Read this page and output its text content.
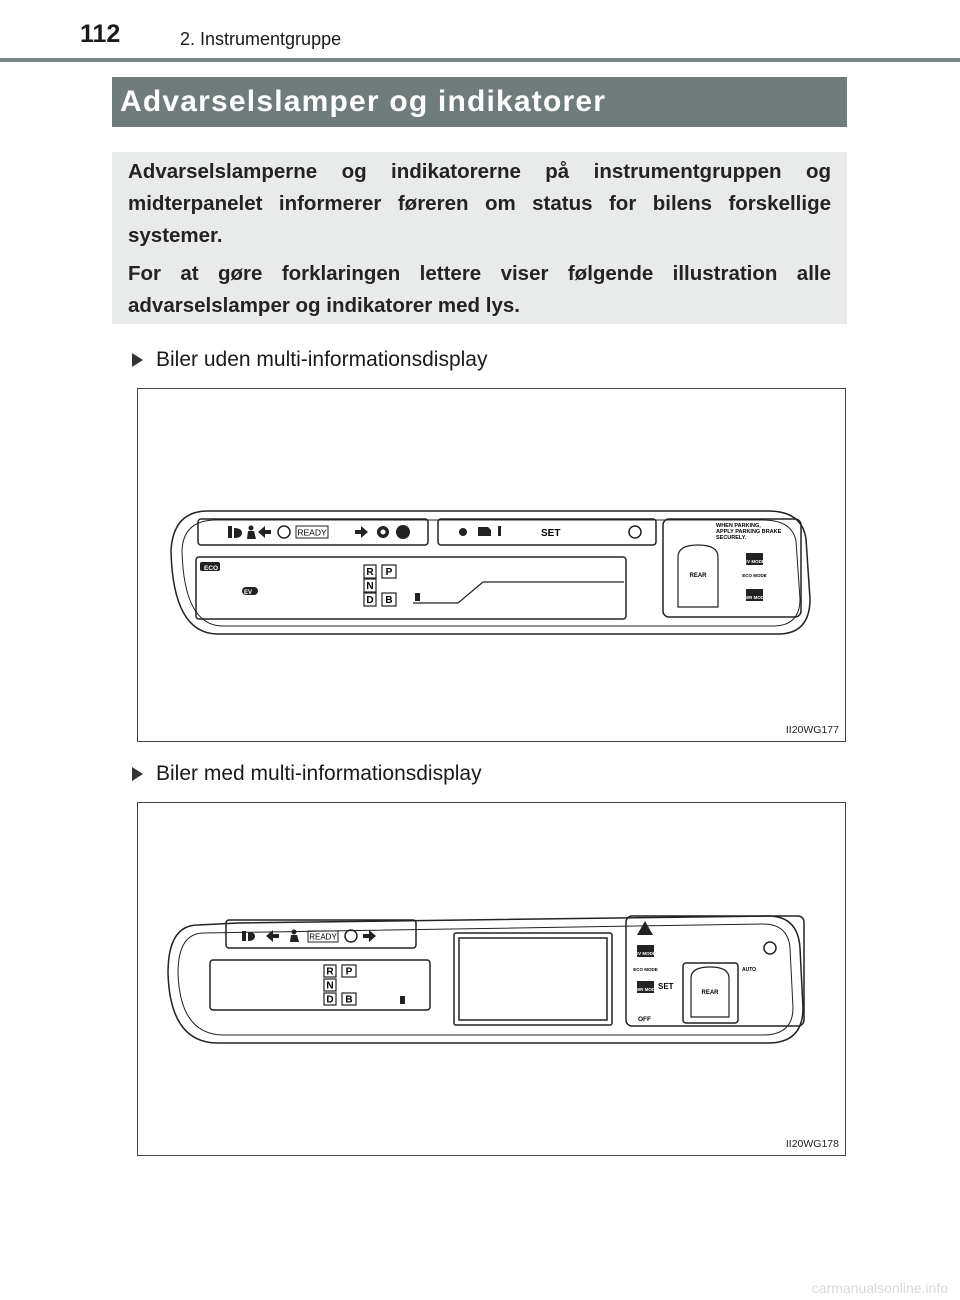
112	2. Instrumentgruppe
Advarselslamper og indikatorer

Advarselslamperne og indikatorerne på instrumentgruppen og midterpanelet informerer føreren om status for bilens forskellige systemer.

For at gøre forklaringen lettere viser følgende illustration alle advarselslamper og indikatorer med lys.

Biler uden multi-informationsdisplay
R
N
D
P
B
READY	SET
ECO
EV
WHEN PARKING,
APPLY PARKING BRAKE
SECURELY.
REAR
EV MODE
ECO MODE
PWR MODE
II20WG177
Biler med multi-informationsdisplay
R
N
D
P
B
READY
SET
EV MODE
ECO MODE
PWR MODE
OFF
AUTO
REAR
II20WG178
carmanualsonline.info
